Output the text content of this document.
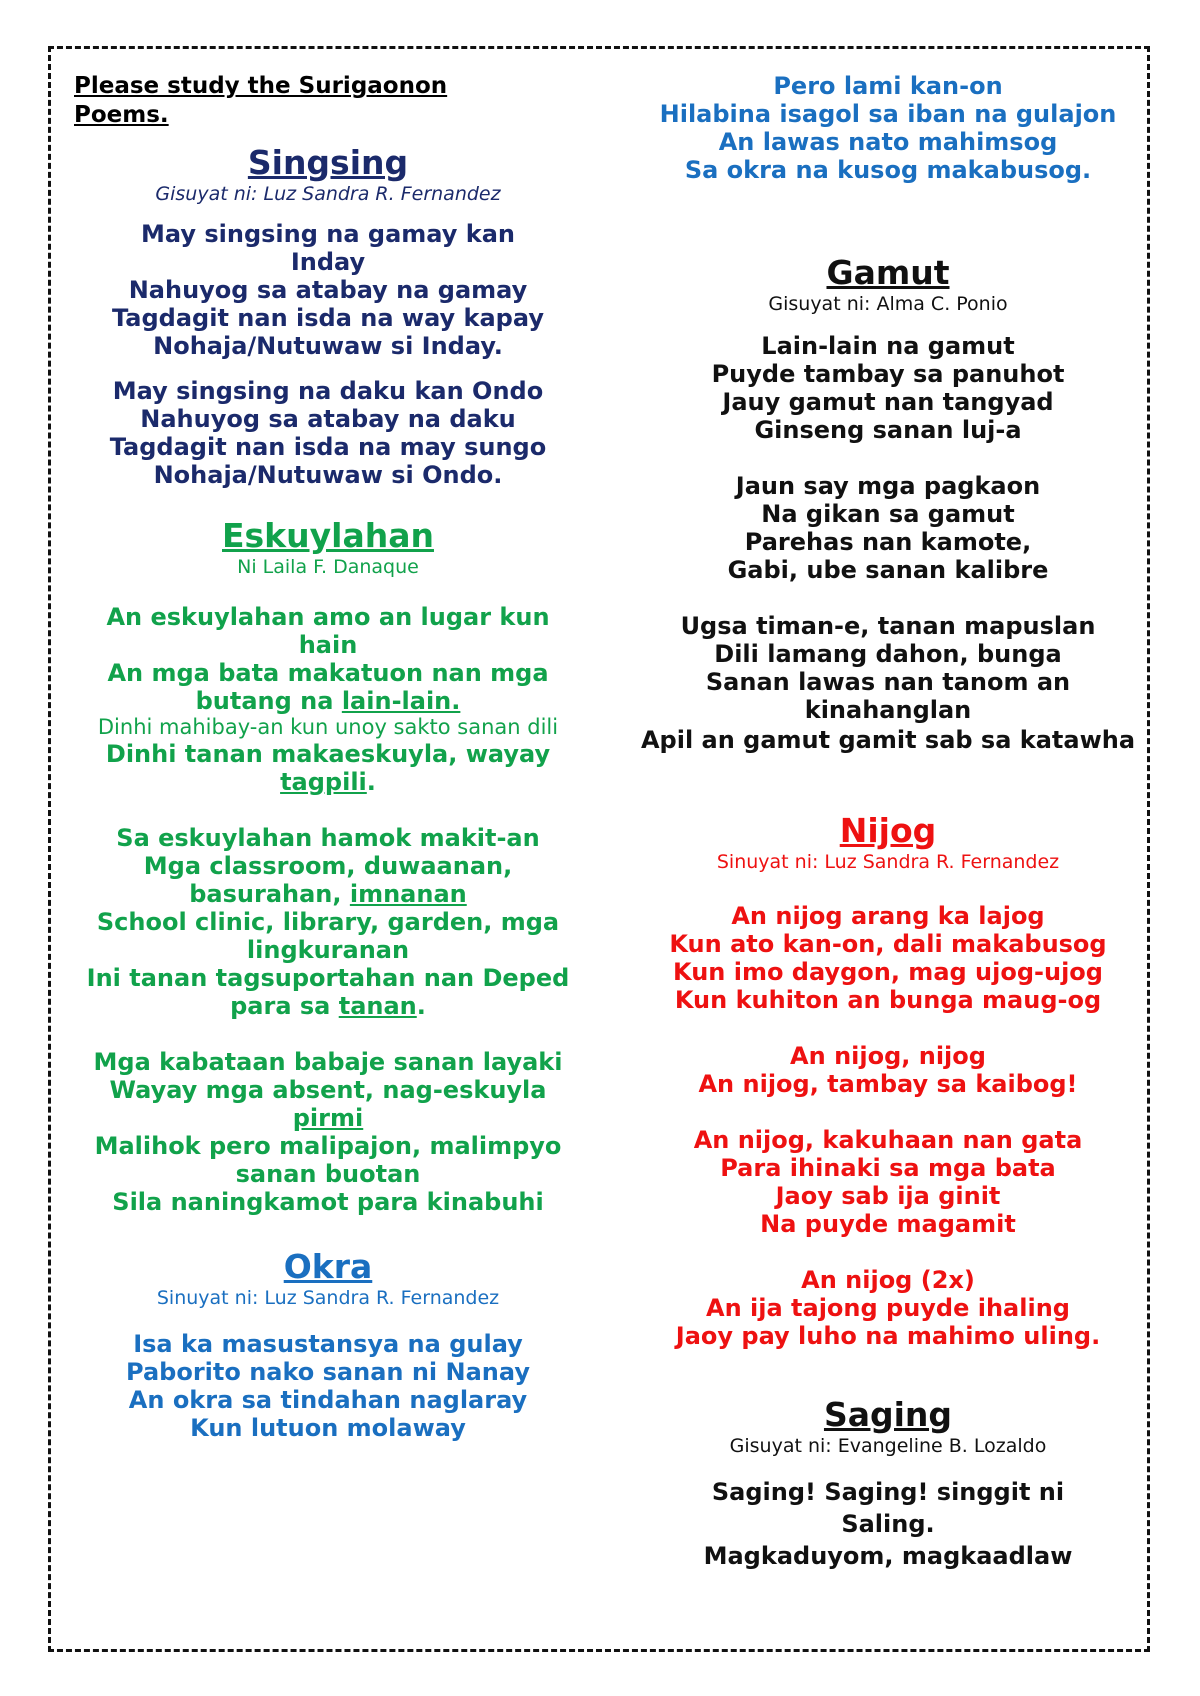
Please study the Surigaonon Poems.

Singsing

Gisuyat ni: Luz Sandra R. Fernandez

May singsing na gamay kan Inday
Nahuyog sa atabay na gamay
Tagdagit nan isda na way kapay
Nohaja/Nutuwaw si Inday.
May singsing na daku kan Ondo
Nahuyog sa atabay na daku
Tagdagit nan isda na may sungo
Nohaja/Nutuwaw si Ondo.

Eskuylahan

Ni Laila F. Danaque

An eskuylahan amo an lugar kun hain
An mga bata makatuon nan mga butang na lain-lain.
Dinhi mahibay-an kun unoy sakto sanan dili
Dinhi tanan makaeskuyla, wayay tagpili.
Sa eskuylahan hamok makit-an
Mga classroom, duwaanan, basurahan, imnanan
School clinic, library, garden, mga lingkuranan
Ini tanan tagsuportahan nan Deped para sa tanan.
Mga kabataan babaje sanan layaki
Wayay mga absent, nag-eskuyla pirmi
Malihok pero malipajon, malimpyo sanan buotan
Sila naningkamot para kinabuhi

Okra

Sinuyat ni: Luz Sandra R. Fernandez

Isa ka masustansya na gulay
Paborito nako sanan ni Nanay
An okra sa tindahan naglaray
Kun lutuon molaway
Pero lami kan-on
Hilabina isagol sa iban na gulajon
An lawas nato mahimsog
Sa okra na kusog makabusog.

Gamut

Gisuyat ni: Alma C. Ponio

Lain-lain na gamut
Puyde tambay sa panuhot
Jauy gamut nan tangyad
Ginseng sanan luj-a
Jaun say mga pagkaon
Na gikan sa gamut
Parehas nan kamote,
Gabi, ube sanan kalibre
Ugsa timan-e, tanan mapuslan
Dili lamang dahon, bunga
Sanan lawas nan tanom an kinahanglan
Apil an gamut gamit sab sa katawha

Nijog

Sinuyat ni: Luz Sandra R. Fernandez

An nijog arang ka lajog
Kun ato kan-on, dali makabusog
Kun imo daygon, mag ujog-ujog
Kun kuhiton an bunga maug-og
An nijog, nijog
An nijog, tambay sa kaibog!
An nijog, kakuhaan nan gata
Para ihinaki sa mga bata
Jaoy sab ija ginit
Na puyde magamit
An nijog (2x)
An ija tajong puyde ihaling
Jaoy pay luho na mahimo uling.

Saging

Gisuyat ni: Evangeline B. Lozaldo

Saging! Saging! singgit ni Saling.
Magkaduyom, magkaadlaw
